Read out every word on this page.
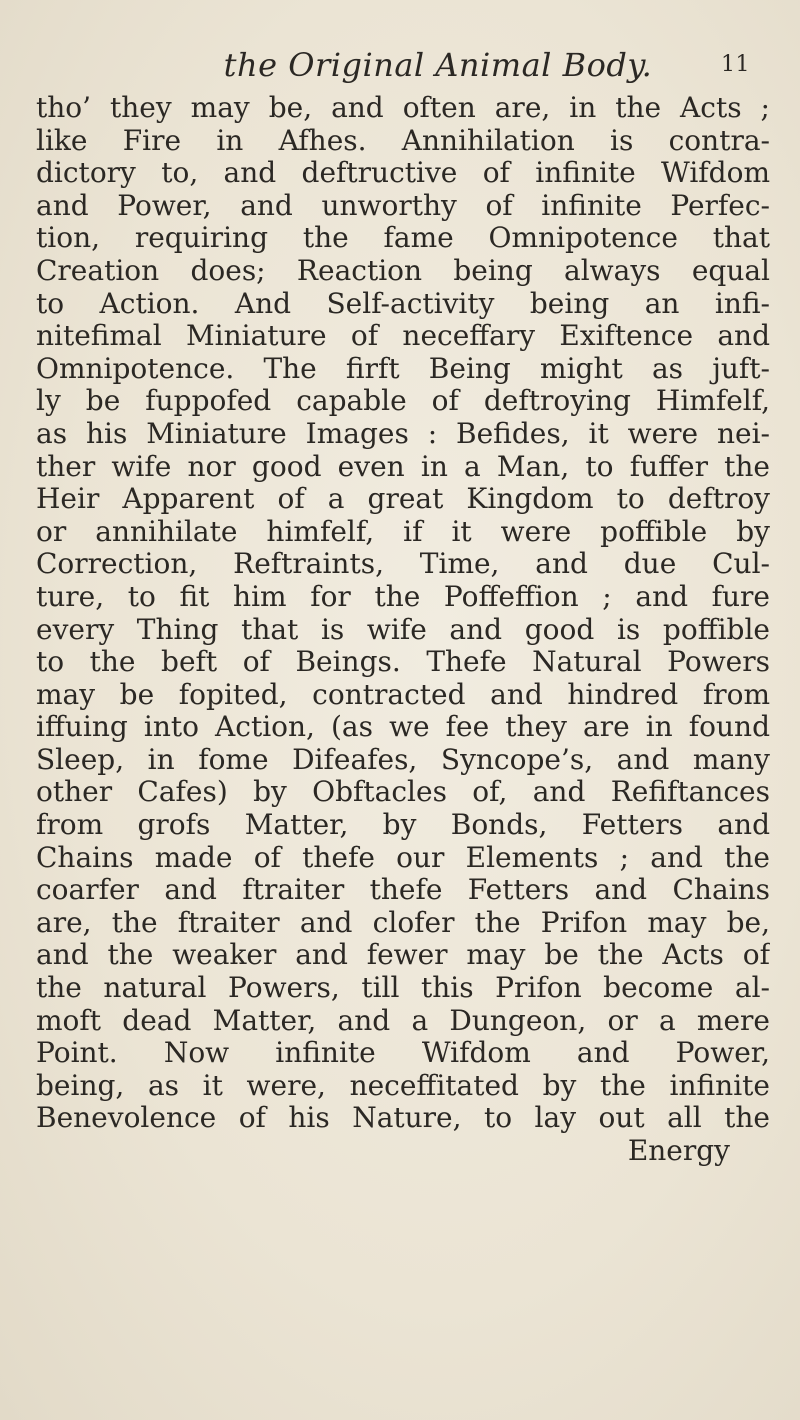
the Original Animal Body.	11
tho’ they may be, and often are, in the Acts ;
like Fire in Afhes. Annihilation is contra-
dictory to, and deftructive of infinite Wifdom
and Power, and unworthy of infinite Perfec-
tion, requiring the fame Omnipotence that
Creation does; Reaction being always equal
to Action. And Self-activity being an infi-
nitefimal Miniature of neceffary Exiftence and
Omnipotence. The firft Being might as juft-
ly be fuppofed capable of deftroying Himfelf,
as his Miniature Images : Befides, it were nei-
ther wife nor good even in a Man, to fuffer the
Heir Apparent of a great Kingdom to deftroy
or annihilate himfelf, if it were poffible by
Correction, Reftraints, Time, and due Cul-
ture, to fit him for the Poffeffion ; and fure
every Thing that is wife and good is poffible
to the beft of Beings. Thefe Natural Powers
may be fopited, contracted and hindred from
iffuing into Action, (as we fee they are in found
Sleep, in fome Difeafes, Syncope’s, and many
other Cafes) by Obftacles of, and Refiftances
from grofs Matter, by Bonds, Fetters and
Chains made of thefe our Elements ; and the
coarfer and ftraiter thefe Fetters and Chains
are, the ftraiter and clofer the Prifon may be,
and the weaker and fewer may be the Acts of
the natural Powers, till this Prifon become al-
moft dead Matter, and a Dungeon, or a mere
Point. Now infinite Wifdom and Power,
being, as it were, neceffitated by the infinite
Benevolence of his Nature, to lay out all the
Energy
